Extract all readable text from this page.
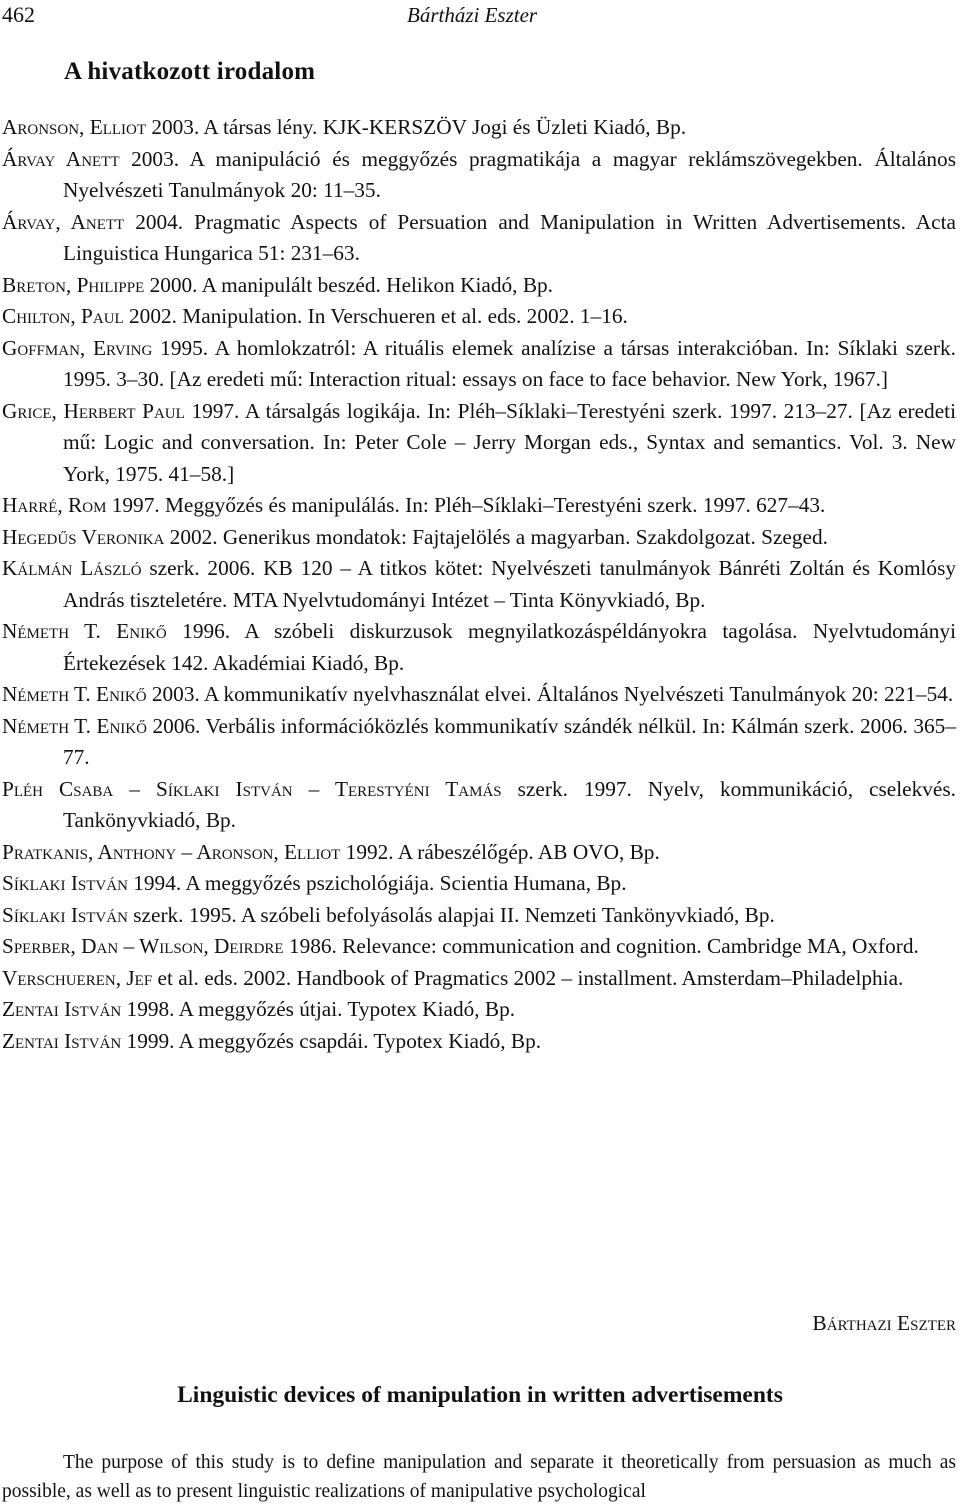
462	Bártházi Eszter
A hivatkozott irodalom
Aronson, Elliot 2003. A társas lény. KJK-KERSZÖV Jogi és Üzleti Kiadó, Bp.
Árvay Anett 2003. A manipuláció és meggyőzés pragmatikája a magyar reklámszövegekben. Általános Nyelvészeti Tanulmányok 20: 11–35.
Árvay, Anett 2004. Pragmatic Aspects of Persuation and Manipulation in Written Advertisements. Acta Linguistica Hungarica 51: 231–63.
Breton, Philippe 2000. A manipulált beszéd. Helikon Kiadó, Bp.
Chilton, Paul 2002. Manipulation. In Verschueren et al. eds. 2002. 1–16.
Goffman, Erving 1995. A homlokzatról: A rituális elemek analízise a társas interakcióban. In: Síklaki szerk. 1995. 3–30. [Az eredeti mű: Interaction ritual: essays on face to face behavior. New York, 1967.]
Grice, Herbert Paul 1997. A társalgás logikája. In: Pléh–Síklaki–Terestyéni szerk. 1997. 213–27. [Az eredeti mű: Logic and conversation. In: Peter Cole – Jerry Morgan eds., Syntax and semantics. Vol. 3. New York, 1975. 41–58.]
Harré, Rom 1997. Meggyőzés és manipulálás. In: Pléh–Síklaki–Terestyéni szerk. 1997. 627–43.
Hegedűs Veronika 2002. Generikus mondatok: Fajtajelölés a magyarban. Szakdolgozat. Szeged.
Kálmán László szerk. 2006. KB 120 – A titkos kötet: Nyelvészeti tanulmányok Bánréti Zoltán és Komlósy András tiszteletére. MTA Nyelvtudományi Intézet – Tinta Könyvkiadó, Bp.
Németh T. Enikő 1996. A szóbeli diskurzusok megnyilatkozáspéldányokra tagolása. Nyelvtudományi Értekezések 142. Akadémiai Kiadó, Bp.
Németh T. Enikő 2003. A kommunikatív nyelvhasználat elvei. Általános Nyelvészeti Tanulmányok 20: 221–54.
Németh T. Enikő 2006. Verbális információközlés kommunikatív szándék nélkül. In: Kálmán szerk. 2006. 365–77.
Pléh Csaba – Síklaki István – Terestyéni Tamás szerk. 1997. Nyelv, kommunikáció, cselekvés. Tankönyvkiadó, Bp.
Pratkanis, Anthony – Aronson, Elliot 1992. A rábeszélőgép. AB OVO, Bp.
Síklaki István 1994. A meggyőzés pszichológiája. Scientia Humana, Bp.
Síklaki István szerk. 1995. A szóbeli befolyásolás alapjai II. Nemzeti Tankönyvkiadó, Bp.
Sperber, Dan – Wilson, Deirdre 1986. Relevance: communication and cognition. Cambridge MA, Oxford.
Verschueren, Jef et al. eds. 2002. Handbook of Pragmatics 2002 – installment. Amsterdam–Philadelphia.
Zentai István 1998. A meggyőzés útjai. Typotex Kiadó, Bp.
Zentai István 1999. A meggyőzés csapdái. Typotex Kiadó, Bp.
Bárthazi Eszter
Linguistic devices of manipulation in written advertisements

The purpose of this study is to define manipulation and separate it theoretically from persuasion as much as possible, as well as to present linguistic realizations of manipulative psychological
